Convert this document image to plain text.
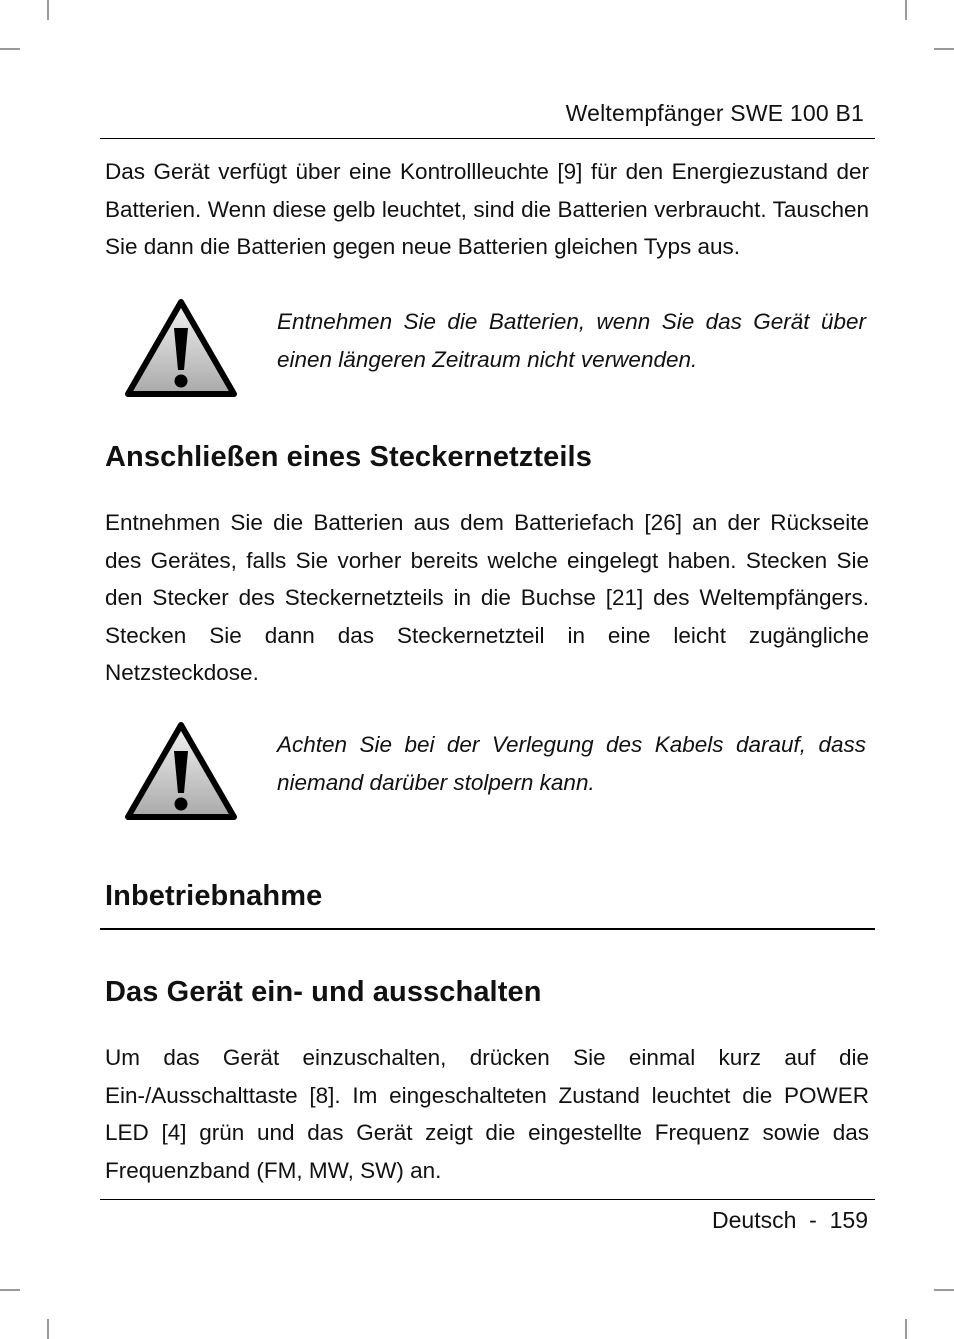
Weltempfänger SWE 100 B1

Das Gerät verfügt über eine Kontrollleuchte [9] für den Energiezustand der Batterien. Wenn diese gelb leuchtet, sind die Batterien verbraucht. Tauschen Sie dann die Batterien gegen neue Batterien gleichen Typs aus.

Entnehmen Sie die Batterien, wenn Sie das Gerät über einen längeren Zeitraum nicht verwenden.

Anschließen eines Steckernetzteils

Entnehmen Sie die Batterien aus dem Batteriefach [26] an der Rückseite des Gerätes, falls Sie vorher bereits welche eingelegt haben. Stecken Sie den Stecker des Steckernetzteils in die Buchse [21] des Weltempfängers. Stecken Sie dann das Steckernetzteil in eine leicht zugängliche Netzsteckdose.

Achten Sie bei der Verlegung des Kabels darauf, dass niemand darüber stolpern kann.

Inbetriebnahme
Das Gerät ein- und ausschalten

Um das Gerät einzuschalten, drücken Sie einmal kurz auf die Ein-/Ausschalttaste [8]. Im eingeschalteten Zustand leuchtet die POWER LED [4] grün und das Gerät zeigt die eingestellte Frequenz sowie das Frequenzband (FM, MW, SW) an.

Deutsch - 159
